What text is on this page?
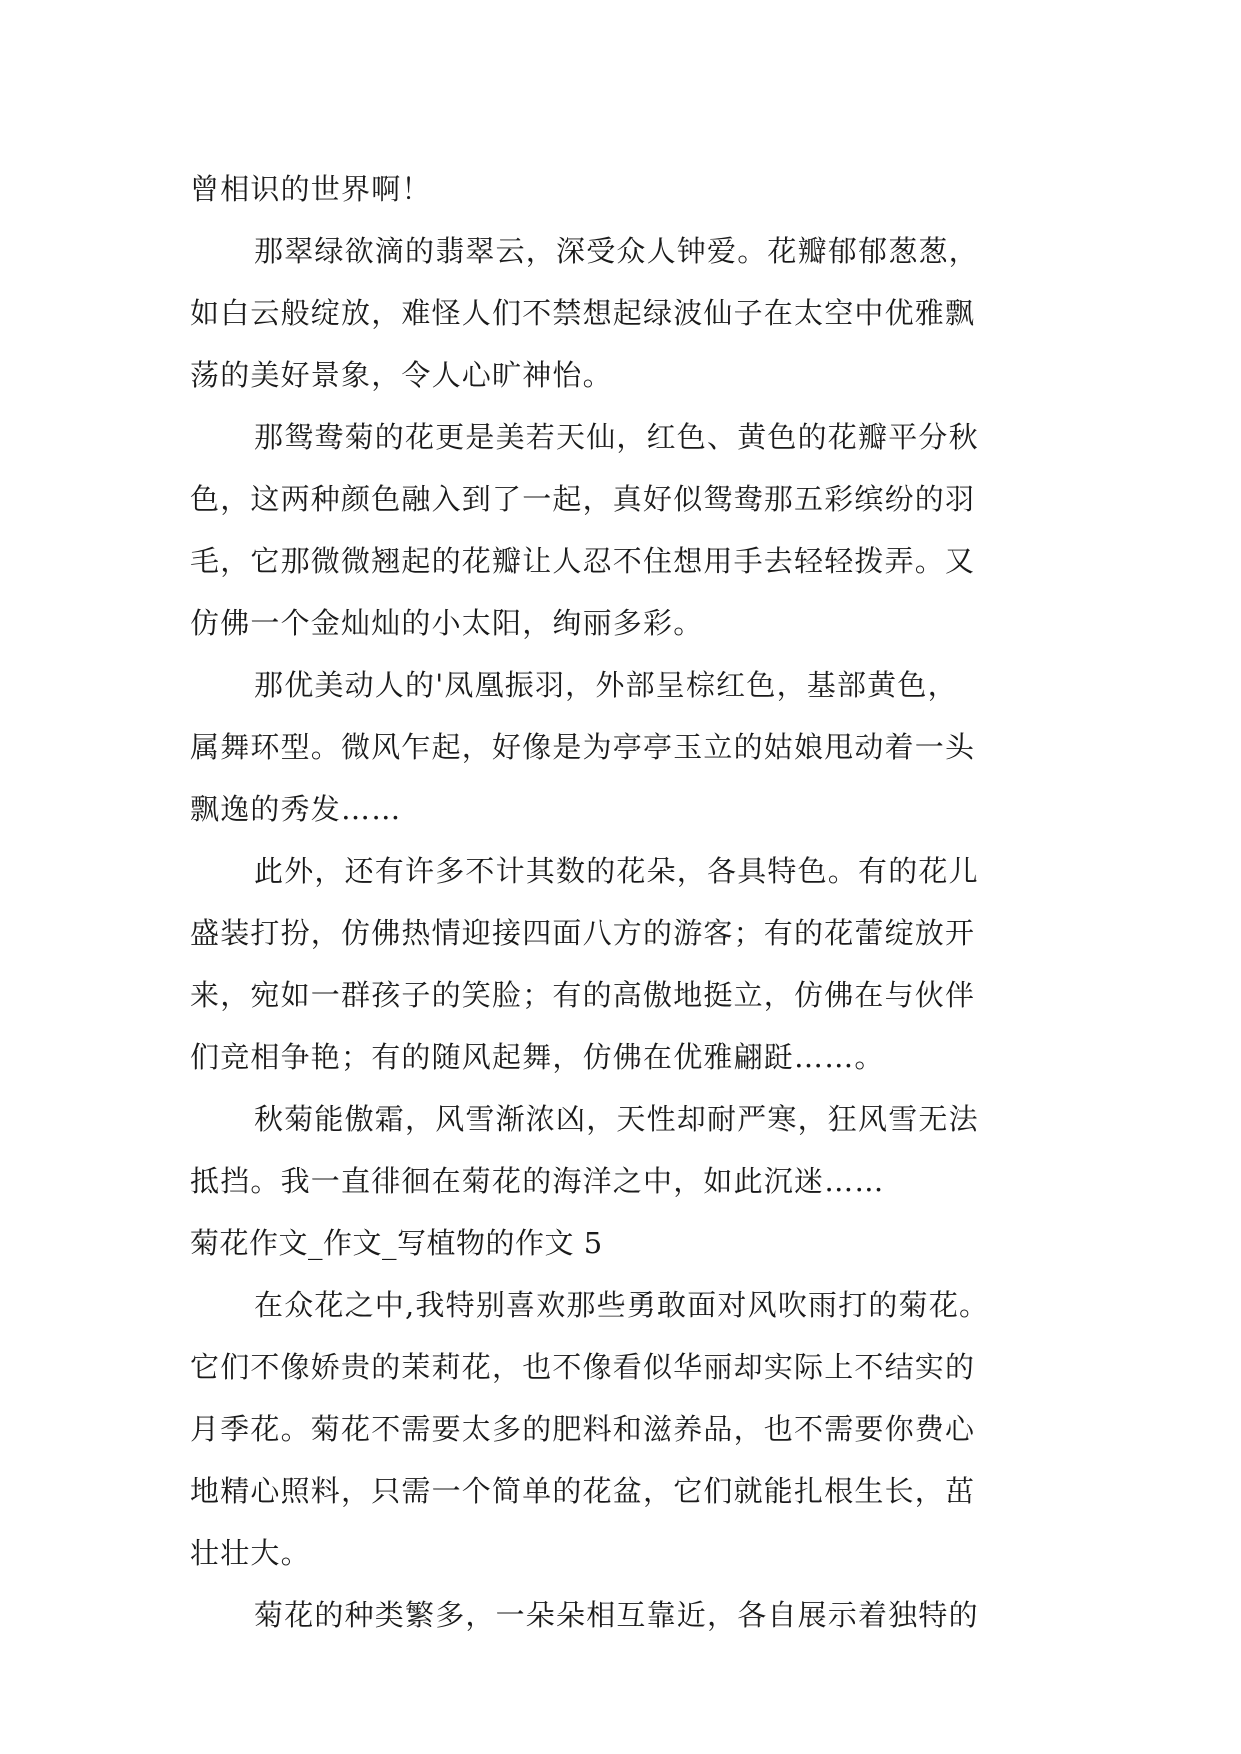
曾相识的世界啊！
那翠绿欲滴的翡翠云，深受众人钟爱。花瓣郁郁葱葱，
如白云般绽放，难怪人们不禁想起绿波仙子在太空中优雅飘
荡的美好景象，令人心旷神怡。
那鸳鸯菊的花更是美若天仙，红色、黄色的花瓣平分秋
色，这两种颜色融入到了一起，真好似鸳鸯那五彩缤纷的羽
毛，它那微微翘起的花瓣让人忍不住想用手去轻轻拨弄。又
仿佛一个金灿灿的小太阳，绚丽多彩。
那优美动人的'凤凰振羽，外部呈棕红色，基部黄色，
属舞环型。微风乍起，好像是为亭亭玉立的姑娘甩动着一头
飘逸的秀发……
此外，还有许多不计其数的花朵，各具特色。有的花儿
盛装打扮，仿佛热情迎接四面八方的游客；有的花蕾绽放开
来，宛如一群孩子的笑脸；有的高傲地挺立，仿佛在与伙伴
们竞相争艳；有的随风起舞，仿佛在优雅翩跹……。
秋菊能傲霜，风雪渐浓凶，天性却耐严寒，狂风雪无法
抵挡。我一直徘徊在菊花的海洋之中，如此沉迷……
菊花作文_作文_写植物的作文 5
在众花之中,我特别喜欢那些勇敢面对风吹雨打的菊花。
它们不像娇贵的茉莉花，也不像看似华丽却实际上不结实的
月季花。菊花不需要太多的肥料和滋养品，也不需要你费心
地精心照料，只需一个简单的花盆，它们就能扎根生长，茁
壮壮大。
菊花的种类繁多，一朵朵相互靠近，各自展示着独特的
